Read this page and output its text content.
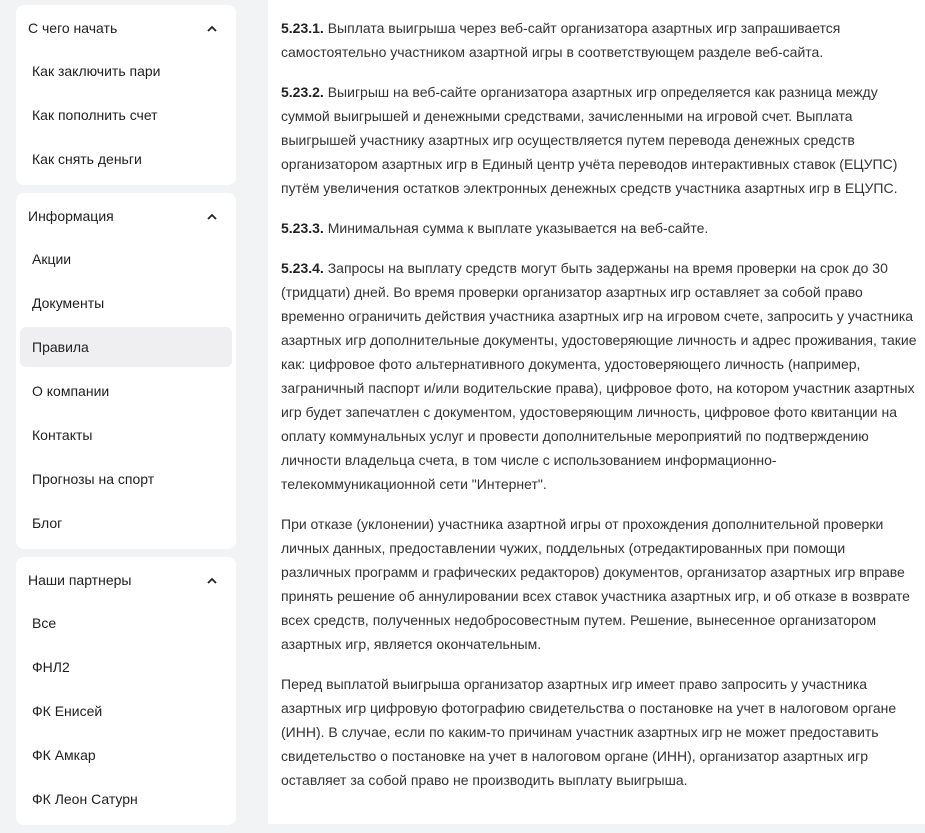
С чего начать
Как заключить пари
Как пополнить счет
Как снять деньги
Информация
Акции
Документы
Правила
О компании
Контакты
Прогнозы на спорт
Блог
Наши партнеры
Все
ФНЛ2
ФК Енисей
ФК Амкар
ФК Леон Сатурн

5.23.1. Выплата выигрыша через веб-сайт организатора азартных игр запрашивается самостоятельно участником азартной игры в соответствующем разделе веб-сайта.

5.23.2. Выигрыш на веб-сайте организатора азартных игр определяется как разница между суммой выигрышей и денежными средствами, зачисленными на игровой счет. Выплата выигрышей участнику азартных игр осуществляется путем перевода денежных средств организатором азартных игр в Единый центр учёта переводов интерактивных ставок (ЕЦУПС) путём увеличения остатков электронных денежных средств участника азартных игр в ЕЦУПС.

5.23.3. Минимальная сумма к выплате указывается на веб-сайте.

5.23.4. Запросы на выплату средств могут быть задержаны на время проверки на срок до 30 (тридцати) дней. Во время проверки организатор азартных игр оставляет за собой право временно ограничить действия участника азартных игр на игровом счете, запросить у участника азартных игр дополнительные документы, удостоверяющие личность и адрес проживания, такие как: цифровое фото альтернативного документа, удостоверяющего личность (например, заграничный паспорт и/или водительские права), цифровое фото, на котором участник азартных игр будет запечатлен с документом, удостоверяющим личность, цифровое фото квитанции на оплату коммунальных услуг и провести дополнительные мероприятий по подтверждению личности владельца счета, в том числе с использованием информационно-телекоммуникационной сети "Интернет".

При отказе (уклонении) участника азартной игры от прохождения дополнительной проверки личных данных, предоставлении чужих, поддельных (отредактированных при помощи различных программ и графических редакторов) документов, организатор азартных игр вправе принять решение об аннулировании всех ставок участника азартных игр, и об отказе в возврате всех средств, полученных недобросовестным путем. Решение, вынесенное организатором азартных игр, является окончательным.

Перед выплатой выигрыша организатор азартных игр имеет право запросить у участника азартных игр цифровую фотографию свидетельства о постановке на учет в налоговом органе (ИНН). В случае, если по каким-то причинам участник азартных игр не может предоставить свидетельство о постановке на учет в налоговом органе (ИНН), организатор азартных игр оставляет за собой право не производить выплату выигрыша.
